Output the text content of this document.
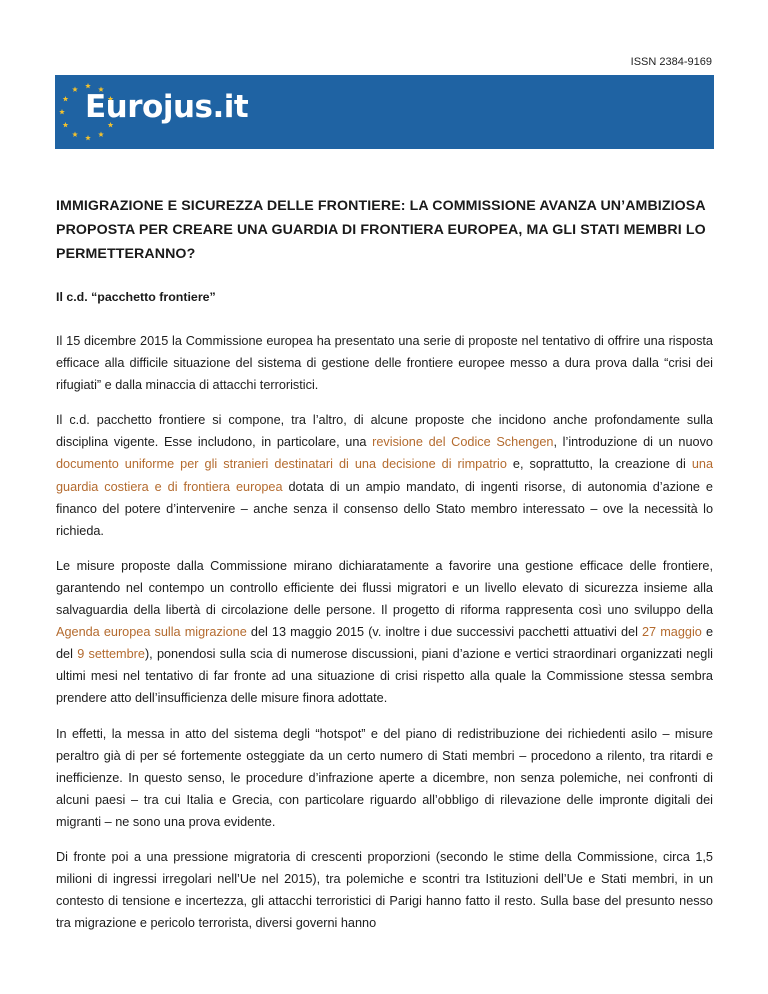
ISSN 2384-9169
Eurojus.it
IMMIGRAZIONE E SICUREZZA DELLE FRONTIERE: LA COMMISSIONE AVANZA UN’AMBIZIOSA PROPOSTA PER CREARE UNA GUARDIA DI FRONTIERA EUROPEA, MA GLI STATI MEMBRI LO PERMETTERANNO?
Il c.d. “pacchetto frontiere”

Il 15 dicembre 2015 la Commissione europea ha presentato una serie di proposte nel tentativo di offrire una risposta efficace alla difficile situazione del sistema di gestione delle frontiere europee messo a dura prova dalla “crisi dei rifugiati” e dalla minaccia di attacchi terroristici.

Il c.d. pacchetto frontiere si compone, tra l’altro, di alcune proposte che incidono anche profondamente sulla disciplina vigente. Esse includono, in particolare, una revisione del Codice Schengen, l’introduzione di un nuovo documento uniforme per gli stranieri destinatari di una decisione di rimpatrio e, soprattutto, la creazione di una guardia costiera e di frontiera europea dotata di un ampio mandato, di ingenti risorse, di autonomia d’azione e financo del potere d’intervenire – anche senza il consenso dello Stato membro interessato – ove la necessità lo richieda.

Le misure proposte dalla Commissione mirano dichiaratamente a favorire una gestione efficace delle frontiere, garantendo nel contempo un controllo efficiente dei flussi migratori e un livello elevato di sicurezza insieme alla salvaguardia della libertà di circolazione delle persone. Il progetto di riforma rappresenta così uno sviluppo della Agenda europea sulla migrazione del 13 maggio 2015 (v. inoltre i due successivi pacchetti attuativi del 27 maggio e del 9 settembre), ponendosi sulla scia di numerose discussioni, piani d’azione e vertici straordinari organizzati negli ultimi mesi nel tentativo di far fronte ad una situazione di crisi rispetto alla quale la Commissione stessa sembra prendere atto dell’insufficienza delle misure finora adottate.

In effetti, la messa in atto del sistema degli “hotspot” e del piano di redistribuzione dei richiedenti asilo – misure peraltro già di per sé fortemente osteggiate da un certo numero di Stati membri – procedono a rilento, tra ritardi e inefficienze. In questo senso, le procedure d’infrazione aperte a dicembre, non senza polemiche, nei confronti di alcuni paesi – tra cui Italia e Grecia, con particolare riguardo all’obbligo di rilevazione delle impronte digitali dei migranti – ne sono una prova evidente.

Di fronte poi a una pressione migratoria di crescenti proporzioni (secondo le stime della Commissione, circa 1,5 milioni di ingressi irregolari nell’Ue nel 2015), tra polemiche e scontri tra Istituzioni dell’Ue e Stati membri, in un contesto di tensione e incertezza, gli attacchi terroristici di Parigi hanno fatto il resto. Sulla base del presunto nesso tra migrazione e pericolo terrorista, diversi governi hanno
